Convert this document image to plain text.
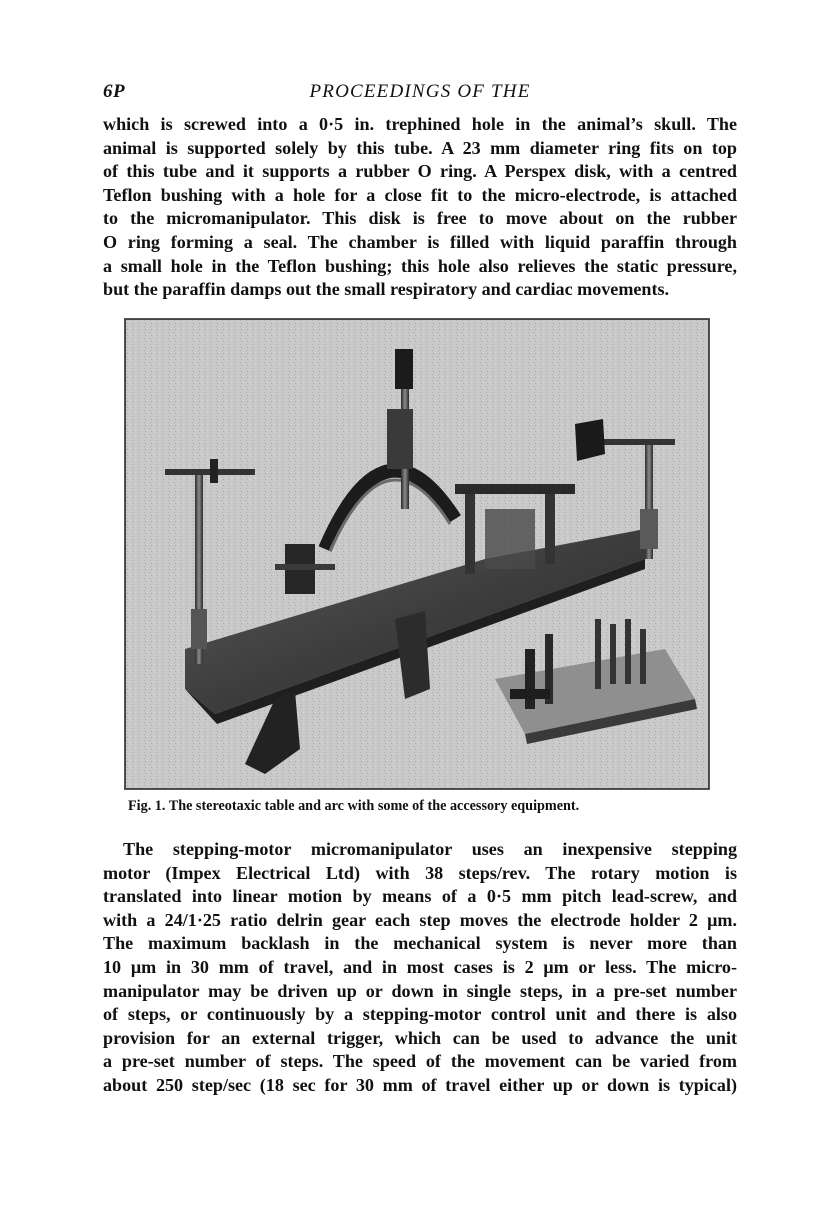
6P	PROCEEDINGS OF THE
which is screwed into a 0·5 in. trephined hole in the animal’s skull. The
animal is supported solely by this tube. A 23 mm diameter ring fits on top
of this tube and it supports a rubber O ring. A Perspex disk, with a centred
Teflon bushing with a hole for a close fit to the micro-electrode, is attached
to the micromanipulator. This disk is free to move about on the rubber
O ring forming a seal. The chamber is filled with liquid paraffin through
a small hole in the Teflon bushing; this hole also relieves the static pressure,
but the paraffin damps out the small respiratory and cardiac movements.
Fig. 1. The stereotaxic table and arc with some of the accessory equipment.
The stepping-motor micromanipulator uses an inexpensive stepping
motor (Impex Electrical Ltd) with 38 steps/rev. The rotary motion is
translated into linear motion by means of a 0·5 mm pitch lead-screw, and
with a 24/1·25 ratio delrin gear each step moves the electrode holder 2 μm.
The maximum backlash in the mechanical system is never more than
10 μm in 30 mm of travel, and in most cases is 2 μm or less. The micro-
manipulator may be driven up or down in single steps, in a pre-set number
of steps, or continuously by a stepping-motor control unit and there is also
provision for an external trigger, which can be used to advance the unit
a pre-set number of steps. The speed of the movement can be varied from
about 250 step/sec (18 sec for 30 mm of travel either up or down is typical)
